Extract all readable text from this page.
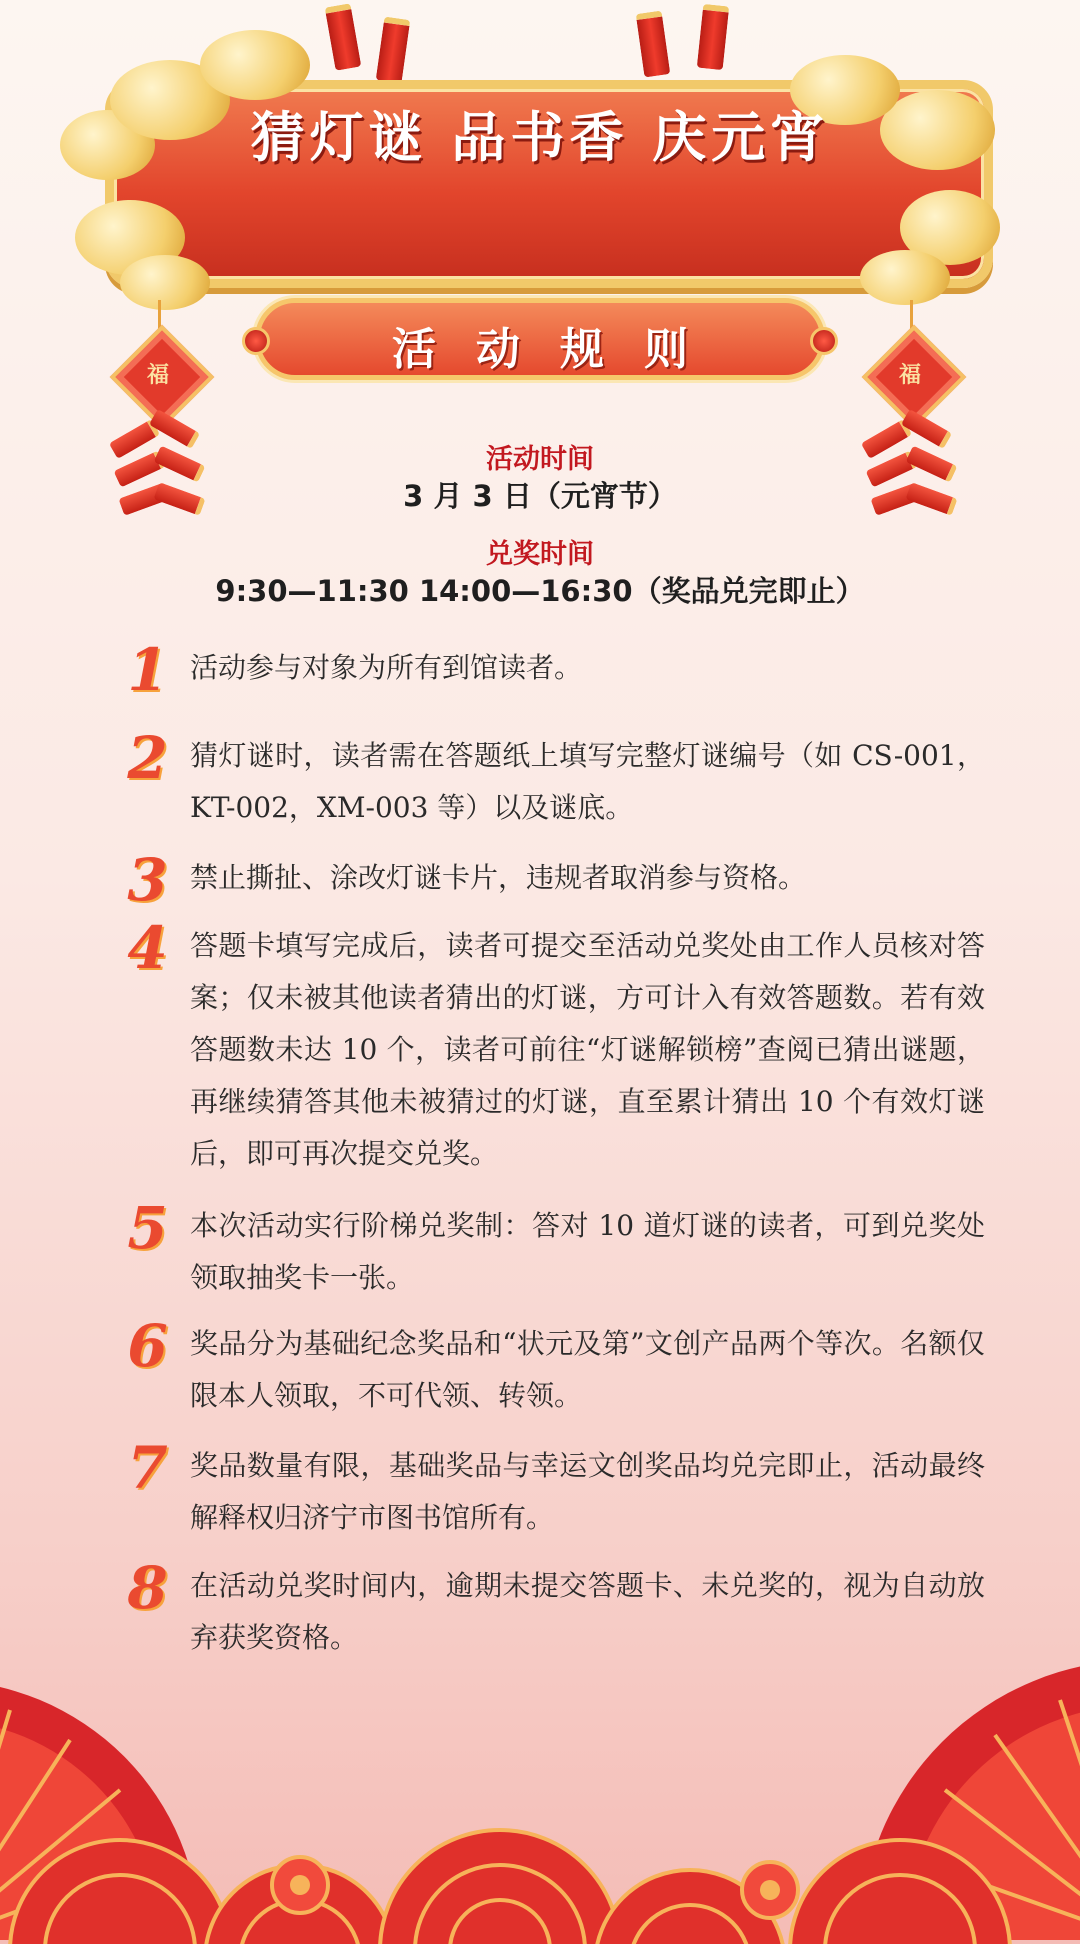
猜灯谜 品书香 庆元宵
活动规则
福	福
活动时间
3 月 3 日（元宵节）
兑奖时间
9:30—11:30 14:00—16:30（奖品兑完即止）
1 活动参与对象为所有到馆读者。
2 猜灯谜时，读者需在答题纸上填写完整灯谜编号（如 CS-001，KT-002，XM-003 等）以及谜底。
3 禁止撕扯、涂改灯谜卡片，违规者取消参与资格。
4 答题卡填写完成后，读者可提交至活动兑奖处由工作人员核对答案；仅未被其他读者猜出的灯谜，方可计入有效答题数。若有效答题数未达 10 个，读者可前往“灯谜解锁榜”查阅已猜出谜题，再继续猜答其他未被猜过的灯谜，直至累计猜出 10 个有效灯谜后，即可再次提交兑奖。
5 本次活动实行阶梯兑奖制：答对 10 道灯谜的读者，可到兑奖处领取抽奖卡一张。
6 奖品分为基础纪念奖品和“状元及第”文创产品两个等次。名额仅限本人领取，不可代领、转领。
7 奖品数量有限，基础奖品与幸运文创奖品均兑完即止，活动最终解释权归济宁市图书馆所有。
8 在活动兑奖时间内，逾期未提交答题卡、未兑奖的，视为自动放弃获奖资格。
